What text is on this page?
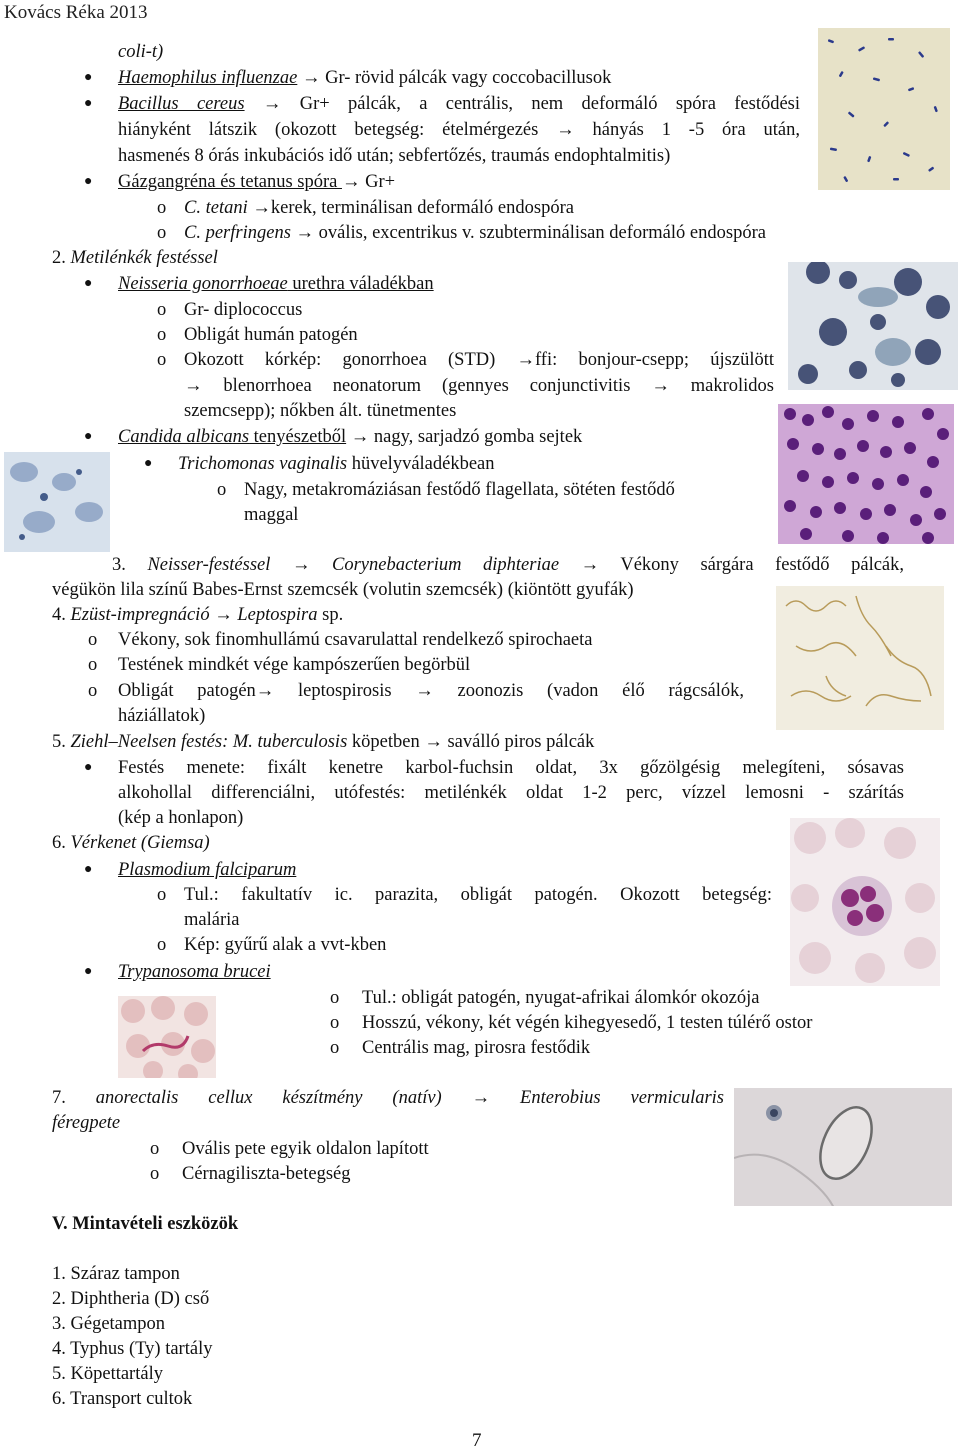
Kovács Réka 2013
coli-t)
● Haemophilus influenzae → Gr- rövid pálcák vagy coccobacillusok
● Bacillus cereus → Gr+ pálcák, a centrális, nem deformáló spóra festődési
hiányként látszik (okozott betegség: ételmérgezés → hányás 1 -5 óra után,
hasmenés 8 órás inkubációs idő után; sebfertőzés, traumás endophtalmitis)
● Gázgangréna és tetanus spóra → Gr+
o C. tetani →kerek, terminálisan deformáló endospóra
o C. perfringens → ovális, excentrikus v. szubterminálisan deformáló endospóra
2. Metilénkék festéssel
● Neisseria gonorrhoeae urethra váladékban
o Gr- diplococcus
o Obligát humán patogén
o Okozott kórkép: gonorrhoea (STD) →ffi: bonjour-csepp; újszülött
→ blenorrhoea neonatorum (gennyes conjunctivitis → makrolidos
szemcsepp); nőkben ált. tünetmentes
● Candida albicans tenyészetből → nagy, sarjadzó gomba sejtek
● Trichomonas vaginalis hüvelyváladékbean
o Nagy, metakromáziásan festődő flagellata, sötéten festődő
maggal
3. Neisser-festéssel → Corynebacterium diphteriae → Vékony sárgára festődő pálcák,
végükön lila színű Babes-Ernst szemcsék (volutin szemcsék) (kiöntött gyufák)
4. Ezüst-impregnáció → Leptospira sp.
o Vékony, sok finomhullámú csavarulattal rendelkező spirochaeta
o Testének mindkét vége kampószerűen begörbül
o Obligát patogén→ leptospirosis → zoonozis (vadon élő rágcsálók,
háziállatok)
5. Ziehl–Neelsen festés: M. tuberculosis köpetben → saválló piros pálcák
● Festés menete: fixált kenetre karbol-fuchsin oldat, 3x gőzölgésig melegíteni, sósavas
alkohollal differenciálni, utófestés: metilénkék oldat 1-2 perc, vízzel lemosni - szárítás
(kép a honlapon)
6. Vérkenet (Giemsa)
● Plasmodium falciparum
o Tul.: fakultatív ic. parazita, obligát patogén. Okozott betegség:
malária
o Kép: gyűrű alak a vvt-kben
● Trypanosoma brucei
o Tul.: obligát patogén, nyugat-afrikai álomkór okozója
o Hosszú, vékony, két végén kihegyesedő, 1 testen túlérő ostor
o Centrális mag, pirosra festődik
7. anorectalis cellux készítmény (natív) → Enterobius vermicularis
féregpete
o Ovális pete egyik oldalon lapított
o Cérnagiliszta-betegség
V. Mintavételi eszközök
1. Száraz tampon
2. Diphtheria (D) cső
3. Gégetampon
4. Typhus (Ty) tartály
5. Köpettartály
6. Transport cultok
7
